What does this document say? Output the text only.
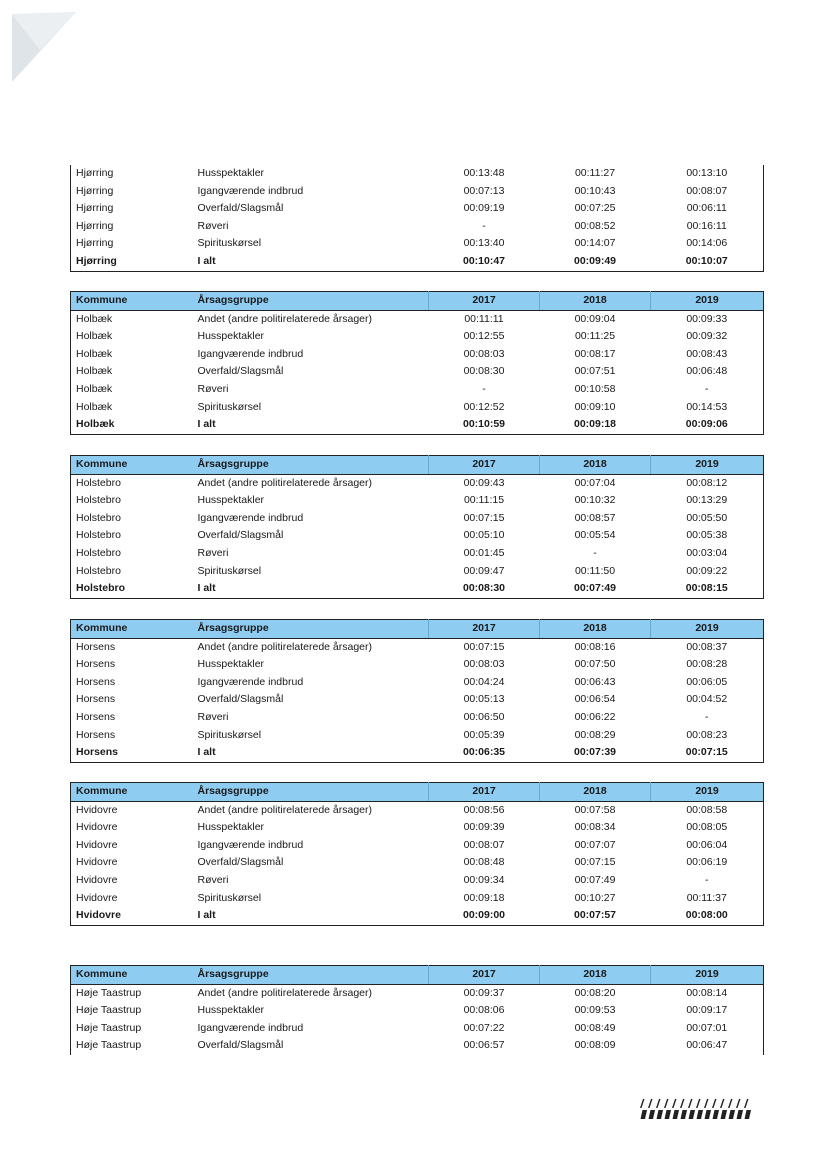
Hjørring	Husspektakler	00:13:48	00:11:27	00:13:10
Hjørring	Igangværende indbrud	00:07:13	00:10:43	00:08:07
Hjørring	Overfald/Slagsmål	00:09:19	00:07:25	00:06:11
Hjørring	Røveri	-	00:08:52	00:16:11
Hjørring	Spirituskørsel	00:13:40	00:14:07	00:14:06
Hjørring	I alt	00:10:47	00:09:49	00:10:07
Kommune	Årsagsgruppe	2017	2018	2019
Holbæk	Andet (andre politirelaterede årsager)	00:11:11	00:09:04	00:09:33
Holbæk	Husspektakler	00:12:55	00:11:25	00:09:32
Holbæk	Igangværende indbrud	00:08:03	00:08:17	00:08:43
Holbæk	Overfald/Slagsmål	00:08:30	00:07:51	00:06:48
Holbæk	Røveri	-	00:10:58	-
Holbæk	Spirituskørsel	00:12:52	00:09:10	00:14:53
Holbæk	I alt	00:10:59	00:09:18	00:09:06
Kommune	Årsagsgruppe	2017	2018	2019
Holstebro	Andet (andre politirelaterede årsager)	00:09:43	00:07:04	00:08:12
Holstebro	Husspektakler	00:11:15	00:10:32	00:13:29
Holstebro	Igangværende indbrud	00:07:15	00:08:57	00:05:50
Holstebro	Overfald/Slagsmål	00:05:10	00:05:54	00:05:38
Holstebro	Røveri	00:01:45	-	00:03:04
Holstebro	Spirituskørsel	00:09:47	00:11:50	00:09:22
Holstebro	I alt	00:08:30	00:07:49	00:08:15
Kommune	Årsagsgruppe	2017	2018	2019
Horsens	Andet (andre politirelaterede årsager)	00:07:15	00:08:16	00:08:37
Horsens	Husspektakler	00:08:03	00:07:50	00:08:28
Horsens	Igangværende indbrud	00:04:24	00:06:43	00:06:05
Horsens	Overfald/Slagsmål	00:05:13	00:06:54	00:04:52
Horsens	Røveri	00:06:50	00:06:22	-
Horsens	Spirituskørsel	00:05:39	00:08:29	00:08:23
Horsens	I alt	00:06:35	00:07:39	00:07:15
Kommune	Årsagsgruppe	2017	2018	2019
Hvidovre	Andet (andre politirelaterede årsager)	00:08:56	00:07:58	00:08:58
Hvidovre	Husspektakler	00:09:39	00:08:34	00:08:05
Hvidovre	Igangværende indbrud	00:08:07	00:07:07	00:06:04
Hvidovre	Overfald/Slagsmål	00:08:48	00:07:15	00:06:19
Hvidovre	Røveri	00:09:34	00:07:49	-
Hvidovre	Spirituskørsel	00:09:18	00:10:27	00:11:37
Hvidovre	I alt	00:09:00	00:07:57	00:08:00
Kommune	Årsagsgruppe	2017	2018	2019
Høje Taastrup	Andet (andre politirelaterede årsager)	00:09:37	00:08:20	00:08:14
Høje Taastrup	Husspektakler	00:08:06	00:09:53	00:09:17
Høje Taastrup	Igangværende indbrud	00:07:22	00:08:49	00:07:01
Høje Taastrup	Overfald/Slagsmål	00:06:57	00:08:09	00:06:47
